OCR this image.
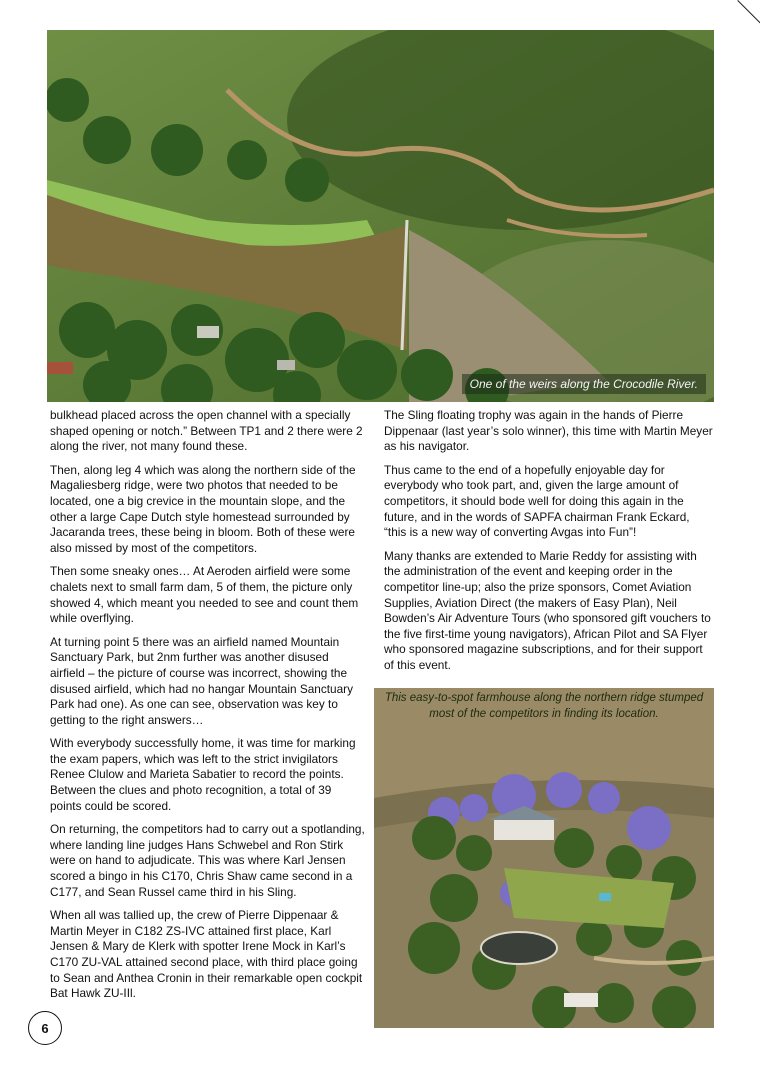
One of the weirs along the Crocodile River.

bulkhead placed across the open channel with a specially shaped opening or notch.” Between TP1 and 2 there were 2 along the river, not many found these.

Then, along leg 4 which was along the northern side of the Magaliesberg ridge, were two photos that needed to be located, one a big crevice in the mountain slope, and the other a large Cape Dutch style homestead surrounded by Jacaranda trees, these being in bloom. Both of these were also missed by most of the competitors.

Then some sneaky ones… At Aeroden airfield were some chalets next to small farm dam, 5 of them, the picture only showed 4, which meant you needed to see and count them while overflying.

At turning point 5 there was an airfield named Mountain Sanctuary Park, but 2nm further was another disused airfield – the picture of course was incorrect, showing the disused airfield, which had no hangar Mountain Sanctuary Park had one). As one can see, observation was key to getting to the right answers…

With everybody successfully home, it was time for marking the exam papers, which was left to the strict invigilators Renee Clulow and Marieta Sabatier to record the points. Between the clues and photo recognition, a total of 39 points could be scored.

On returning, the competitors had to carry out a spotlanding, where landing line judges Hans Schwebel and Ron Stirk were on hand to adjudicate. This was where Karl Jensen scored a bingo in his C170, Chris Shaw came second in a C177, and Sean Russel came third in his Sling.

When all was tallied up, the crew of Pierre Dippenaar & Martin Meyer in C182 ZS-IVC attained first place, Karl Jensen & Mary de Klerk with spotter Irene Mock in Karl’s C170 ZU-VAL attained second place, with third place going to Sean and Anthea Cronin in their remarkable open cockpit Bat Hawk ZU-IIl.

The Sling floating trophy was again in the hands of Pierre Dippenaar (last year’s solo winner), this time with Martin Meyer as his navigator.

Thus came to the end of a hopefully enjoyable day for everybody who took part, and, given the large amount of competitors, it should bode well for doing this again in the future, and in the words of SAPFA chairman Frank Eckard, “this is a new way of converting Avgas into Fun”!

Many thanks are extended to Marie Reddy for assisting with the administration of the event and keeping order in the competitor line-up; also the prize sponsors, Comet Aviation Supplies, Aviation Direct (the makers of Easy Plan), Neil Bowden’s Air Adventure Tours (who sponsored gift vouchers to the five first-time young navigators), African Pilot and SA Flyer who sponsored magazine subscriptions, and for their support of this event.

This easy-to-spot farmhouse along the northern ridge stumped most of the competitors in finding its location.
6
